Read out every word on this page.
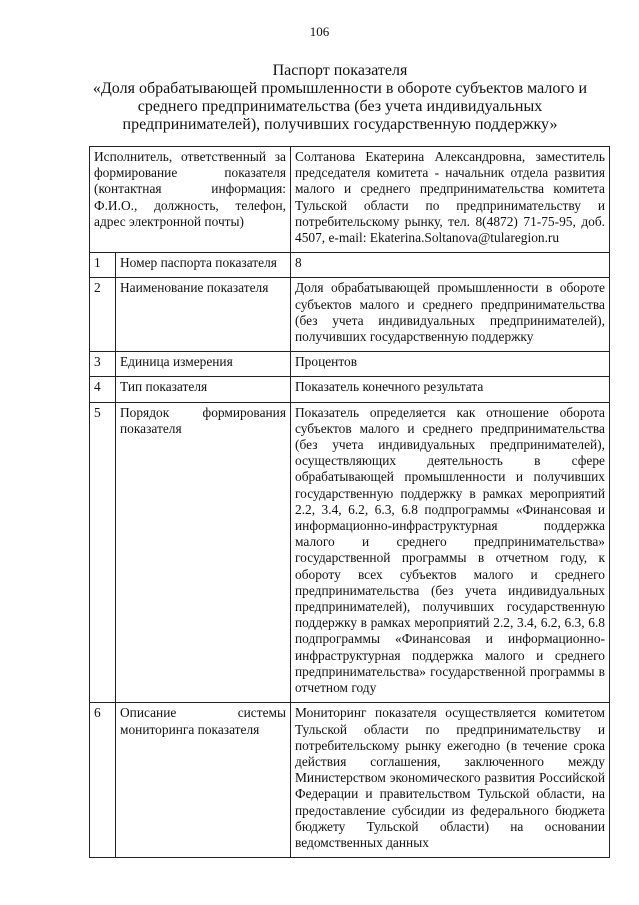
106
Паспорт показателя
«Доля обрабатывающей промышленности в обороте субъектов малого и
среднего предпринимательства (без учета индивидуальных
предпринимателей), получивших государственную поддержку»
Исполнитель, ответственный за формирование показателя (контактная информация: Ф.И.О., должность, телефон, адрес электронной почты)		Солтанова Екатерина Александровна, заместитель председателя комитета - начальник отдела развития малого и среднего предпринимательства комитета Тульской области по предпринимательству и потребительскому рынку, тел. 8(4872) 71-75-95, доб. 4507, e-mail: Ekaterina.Soltanova@tularegion.ru
1	Номер паспорта показателя	8
2	Наименование показателя	Доля обрабатывающей промышленности в обороте субъектов малого и среднего предпринимательства (без учета индивидуальных предпринимателей), получивших государственную поддержку
3	Единица измерения	Процентов
4	Тип показателя	Показатель конечного результата
5	Порядок формирования показателя	Показатель определяется как отношение оборота субъектов малого и среднего предпринимательства (без учета индивидуальных предпринимателей), осуществляющих деятельность в сфере обрабатывающей промышленности и получивших государственную поддержку в рамках мероприятий 2.2, 3.4, 6.2, 6.3, 6.8 подпрограммы «Финансовая и информационно-инфраструктурная поддержка малого и среднего предпринимательства» государственной программы в отчетном году, к обороту всех субъектов малого и среднего предпринимательства (без учета индивидуальных предпринимателей), получивших государственную поддержку в рамках мероприятий 2.2, 3.4, 6.2, 6.3, 6.8 подпрограммы «Финансовая и информационно-инфраструктурная поддержка малого и среднего предпринимательства» государственной программы в отчетном году
6	Описание системы мониторинга показателя	Мониторинг показателя осуществляется комитетом Тульской области по предпринимательству и потребительскому рынку ежегодно (в течение срока действия соглашения, заключенного между Министерством экономического развития Российской Федерации и правительством Тульской области, на предоставление субсидии из федерального бюджета бюджету Тульской области) на основании ведомственных данных
